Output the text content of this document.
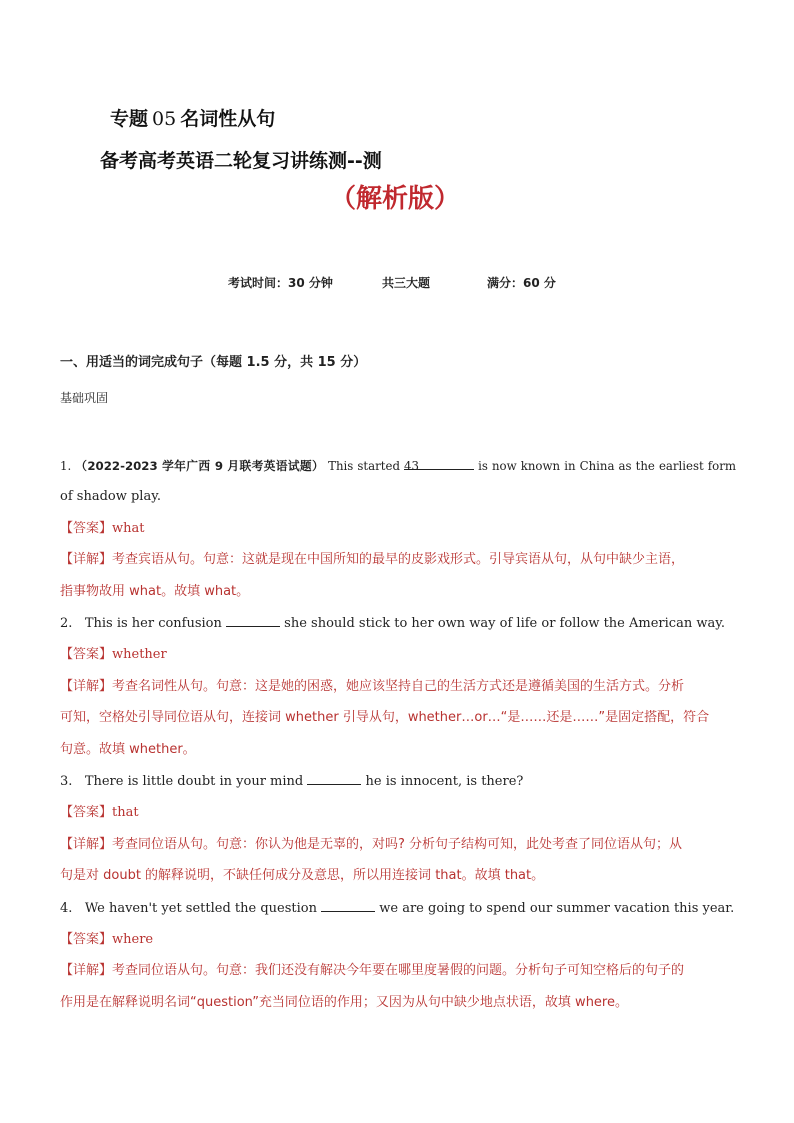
专题 05 名词性从句
备考高考英语二轮复习讲练测--测
（解析版）
考试时间：30 分钟	共三大题	满分：60 分
一、用适当的词完成句子（每题 1.5 分，共 15 分）
基础巩固
1. （2022-2023 学年广西 9 月联考英语试题） This started 43	is now known in China as the earliest form
of shadow play.
【答案】what
【详解】考查宾语从句。句意：这就是现在中国所知的最早的皮影戏形式。引导宾语从句，从句中缺少主语，
指事物故用 what。故填 what。
2. This is her confusion	she should stick to her own way of life or follow the American way.
【答案】whether
【详解】考查名词性从句。句意：这是她的困惑，她应该坚持自己的生活方式还是遵循美国的生活方式。分析
可知，空格处引导同位语从句，连接词 whether 引导从句，whether…or…“是……还是……”是固定搭配，符合
句意。故填 whether。
3. There is little doubt in your mind	he is innocent, is there?
【答案】that
【详解】考查同位语从句。句意：你认为他是无辜的，对吗? 分析句子结构可知，此处考查了同位语从句；从
句是对 doubt 的解释说明，不缺任何成分及意思，所以用连接词 that。故填 that。
4. We haven't yet settled the question	we are going to spend our summer vacation this year.
【答案】where
【详解】考查同位语从句。句意：我们还没有解决今年要在哪里度暑假的问题。分析句子可知空格后的句子的
作用是在解释说明名词“question”充当同位语的作用；又因为从句中缺少地点状语，故填 where。
